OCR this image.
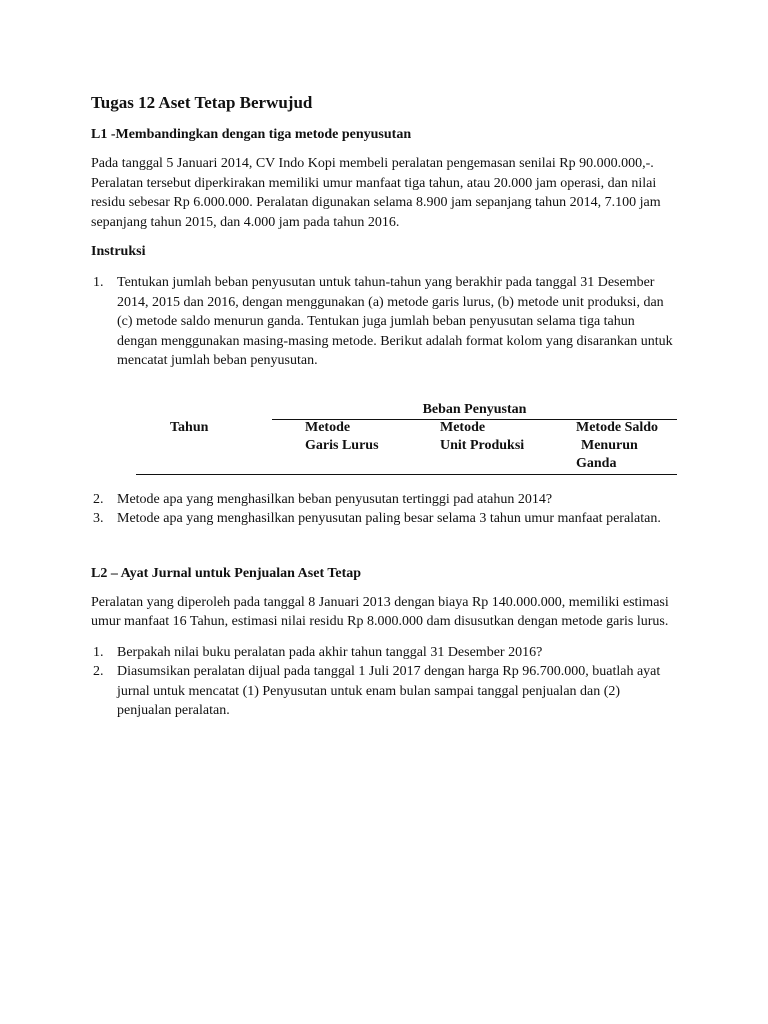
Tugas 12 Aset Tetap Berwujud
L1 -Membandingkan dengan tiga metode penyusutan

Pada tanggal 5 Januari 2014, CV Indo Kopi membeli peralatan pengemasan senilai Rp 90.000.000,-. Peralatan tersebut diperkirakan memiliki umur manfaat tiga tahun, atau 20.000 jam operasi, dan nilai residu sebesar Rp 6.000.000. Peralatan digunakan selama 8.900 jam sepanjang tahun 2014, 7.100 jam sepanjang tahun 2015, dan 4.000 jam pada tahun 2016.

Instruksi
1. Tentukan jumlah beban penyusutan untuk tahun-tahun yang berakhir pada tanggal 31 Desember 2014, 2015 dan 2016, dengan menggunakan (a) metode garis lurus, (b) metode unit produksi, dan (c) metode saldo menurun ganda. Tentukan juga jumlah beban penyusutan selama tiga tahun dengan menggunakan masing-masing metode. Berikut adalah format kolom yang disarankan untuk mencatat jumlah beban penyusutan.
Beban Penyustan
Tahun	Metode
Garis Lurus
Metode
Unit Produksi
Metode Saldo
Menurun
Ganda
2. Metode apa yang menghasilkan beban penyusutan tertinggi pad atahun 2014?
3. Metode apa yang menghasilkan penyusutan paling besar selama 3 tahun umur manfaat peralatan.
L2 – Ayat Jurnal untuk Penjualan Aset Tetap

Peralatan yang diperoleh pada tanggal 8 Januari 2013 dengan biaya Rp 140.000.000, memiliki estimasi umur manfaat 16 Tahun, estimasi nilai residu Rp 8.000.000 dam disusutkan dengan metode garis lurus.

1. Berpakah nilai buku peralatan pada akhir tahun tanggal 31 Desember 2016?
2. Diasumsikan peralatan dijual pada tanggal 1 Juli 2017 dengan harga Rp 96.700.000, buatlah ayat jurnal untuk mencatat (1) Penyusutan untuk enam bulan sampai tanggal penjualan dan (2) penjualan peralatan.
